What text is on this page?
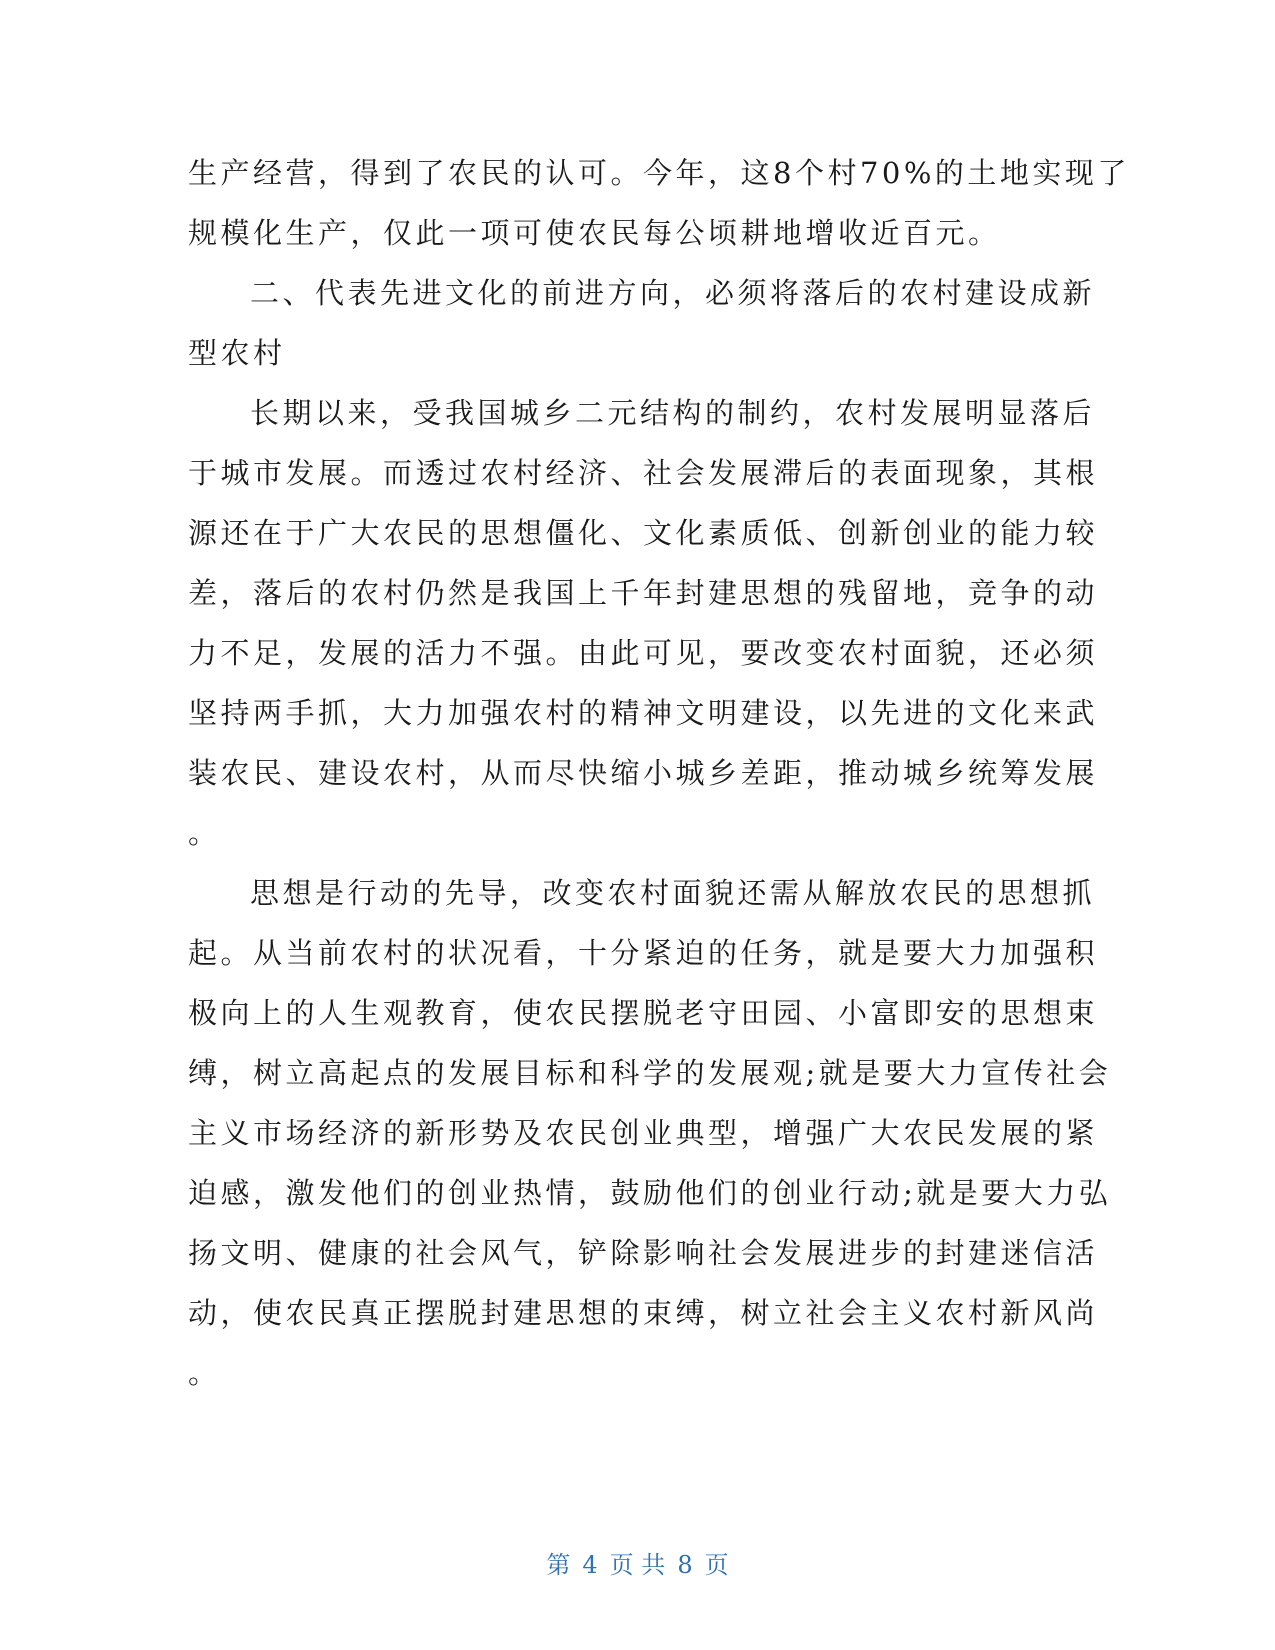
生产经营，得到了农民的认可。今年，这8个村70%的土地实现了
规模化生产，仅此一项可使农民每公顷耕地增收近百元。
二、代表先进文化的前进方向，必须将落后的农村建设成新
型农村
长期以来，受我国城乡二元结构的制约，农村发展明显落后
于城市发展。而透过农村经济、社会发展滞后的表面现象，其根
源还在于广大农民的思想僵化、文化素质低、创新创业的能力较
差，落后的农村仍然是我国上千年封建思想的残留地，竞争的动
力不足，发展的活力不强。由此可见，要改变农村面貌，还必须
坚持两手抓，大力加强农村的精神文明建设，以先进的文化来武
装农民、建设农村，从而尽快缩小城乡差距，推动城乡统筹发展
。
思想是行动的先导，改变农村面貌还需从解放农民的思想抓
起。从当前农村的状况看，十分紧迫的任务，就是要大力加强积
极向上的人生观教育，使农民摆脱老守田园、小富即安的思想束
缚，树立高起点的发展目标和科学的发展观;就是要大力宣传社会
主义市场经济的新形势及农民创业典型，增强广大农民发展的紧
迫感，激发他们的创业热情，鼓励他们的创业行动;就是要大力弘
扬文明、健康的社会风气，铲除影响社会发展进步的封建迷信活
动，使农民真正摆脱封建思想的束缚，树立社会主义农村新风尚
。
第 4 页 共 8 页
